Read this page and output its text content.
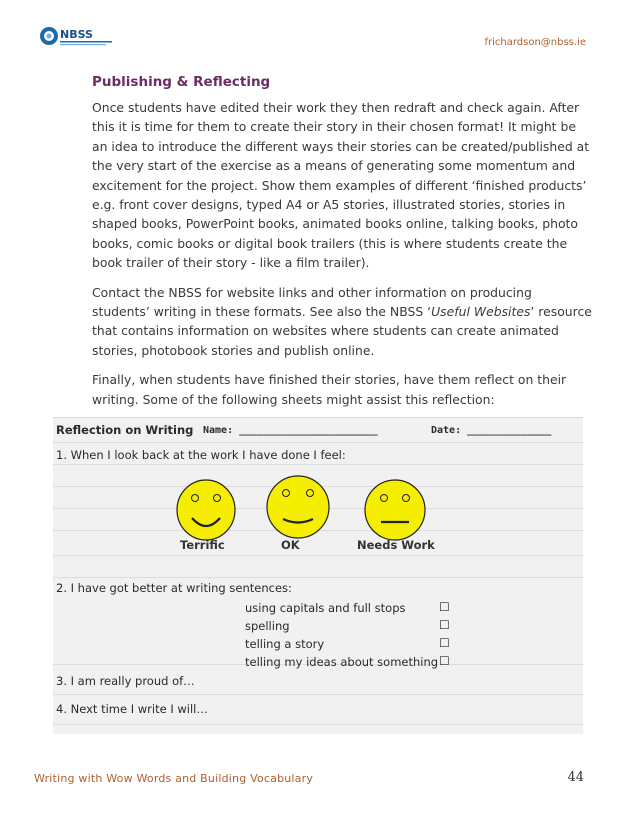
NBSS
frichardson@nbss.ie
Publishing & Reflecting

Once students have edited their work they then redraft and check again. After this it is time for them to create their story in their chosen format! It might be an idea to introduce the different ways their stories can be created/published at the very start of the exercise as a means of generating some momentum and excitement for the project. Show them examples of different ‘finished products’ e.g. front cover designs, typed A4 or A5 stories, illustrated stories, stories in shaped books, PowerPoint books, animated books online, talking books, photo books, comic books or digital book trailers (this is where students create the book trailer of their story - like a film trailer).

Contact the NBSS for website links and other information on producing students’ writing in these formats. See also the NBSS ‘Useful Websites’ resource that contains information on websites where students can create animated stories, photobook stories and publish online.

Finally, when students have finished their stories, have them reflect on their writing. Some of the following sheets might assist this reflection:

Reflection on Writing Name: _______________________	Date: ______________
1. When I look back at the work I have done I feel:
Terrific	OK	Needs Work
2. I have got better at writing sentences:
using capitals and full stops	☐
spelling	☐
telling a story	☐
telling my ideas about something ☐
3. I am really proud of…
4. Next time I write I will…
Writing with Wow Words and Building Vocabulary	44
